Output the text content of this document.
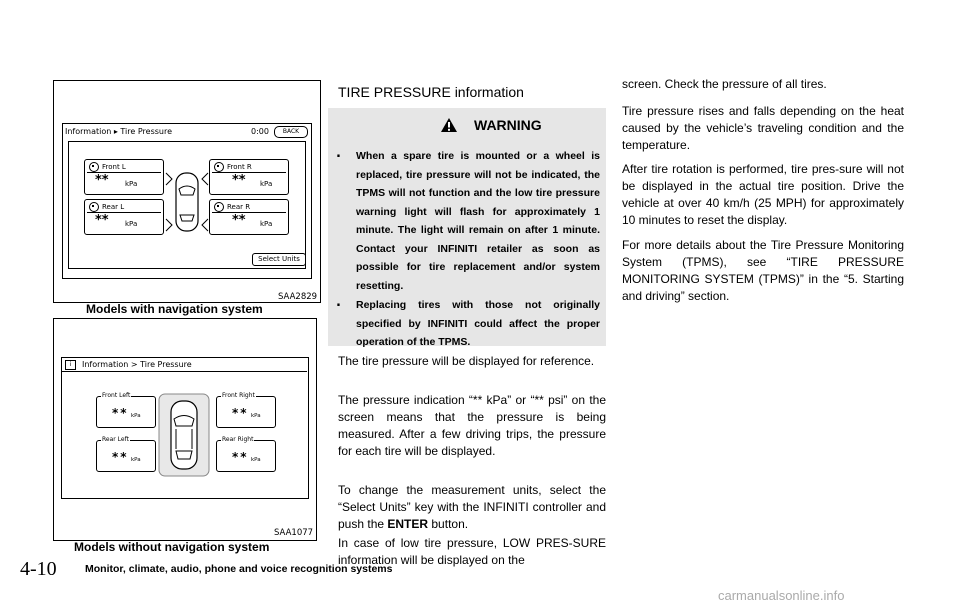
Information ▸ Tire Pressure	0:00	BACK
Front L
** kPa
Front R
** kPa
Rear L
** kPa
Rear R
** kPa
Select Units
SAA2829
Models with navigation system
i	Information > Tire Pressure
Front Left
** kPa
Front Right
** kPa
Rear Left
** kPa
Rear Right
** kPa
SAA1077
Models without navigation system
TIRE PRESSURE information
WARNING
. When a spare tire is mounted or a wheel is replaced, tire pressure will not be indicated, the TPMS will not function and the low tire pressure warning light will flash for approximately 1 minute. The light will remain on after 1 minute. Contact your INFINITI retailer as soon as possible for tire replacement and/or system resetting.
. Replacing tires with those not originally specified by INFINITI could affect the proper operation of the TPMS.

The tire pressure will be displayed for reference.

The pressure indication “** kPa” or “** psi” on the screen means that the pressure is being measured. After a few driving trips, the pressure for each tire will be displayed.

To change the measurement units, select the “Select Units” key with the INFINITI controller and push the ENTER button.

In case of low tire pressure, LOW PRES-SURE information will be displayed on the

screen. Check the pressure of all tires.

Tire pressure rises and falls depending on the heat caused by the vehicle’s traveling condition and the temperature.

After tire rotation is performed, tire pres-sure will not be displayed in the actual tire position. Drive the vehicle at over 40 km/h (25 MPH) for approximately 10 minutes to reset the display.

For more details about the Tire Pressure Monitoring System (TPMS), see “TIRE PRESSURE MONITORING SYSTEM (TPMS)” in the “5. Starting and driving” section.

4-10	Monitor, climate, audio, phone and voice recognition systems
carmanualsonline.info
